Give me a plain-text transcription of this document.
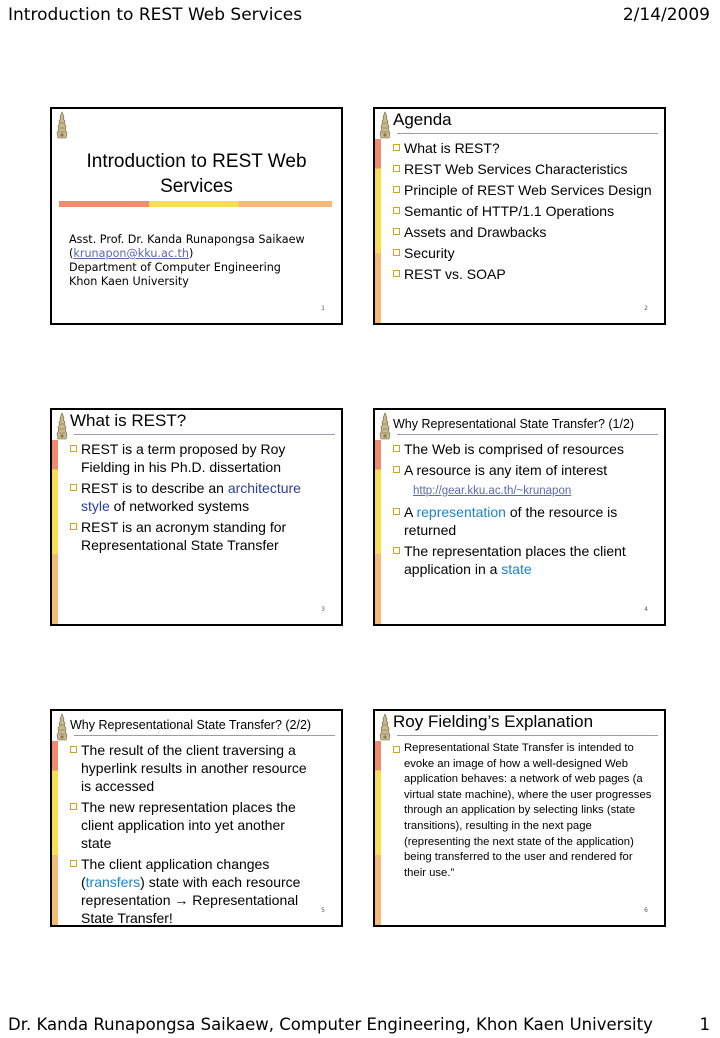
Introduction to REST Web Services	2/14/2009
Introduction to REST Web Services
Asst. Prof. Dr. Kanda Runapongsa Saikaew
(krunapon@kku.ac.th)
Department of Computer Engineering
Khon Kaen University
1
Agenda
What is REST?
REST Web Services Characteristics
Principle of REST Web Services Design
Semantic of HTTP/1.1 Operations
Assets and Drawbacks
Security
REST vs. SOAP
2
What is REST?
REST is a term proposed by Roy Fielding in his Ph.D. dissertation
REST is to describe an architecture style of networked systems
REST is an acronym standing for Representational State Transfer
3
Why Representational State Transfer? (1/2)
The Web is comprised of resources
A resource is any item of interest
http://gear.kku.ac.th/~krunapon
A representation of the resource is returned
The representation places the client application in a state
4
Why Representational State Transfer? (2/2)
The result of the client traversing a hyperlink results in another resource is accessed
The new representation places the client application into yet another state
The client application changes (transfers) state with each resource representation → Representational State Transfer!	5
Roy Fielding’s Explanation
Representational State Transfer is intended to evoke an image of how a well-designed Web application behaves: a network of web pages (a virtual state machine), where the user progresses through an application by selecting links (state transitions), resulting in the next page (representing the next state of the application) being transferred to the user and rendered for their use.”
6
Dr. Kanda Runapongsa Saikaew, Computer Engineering, Khon Kaen University	1
